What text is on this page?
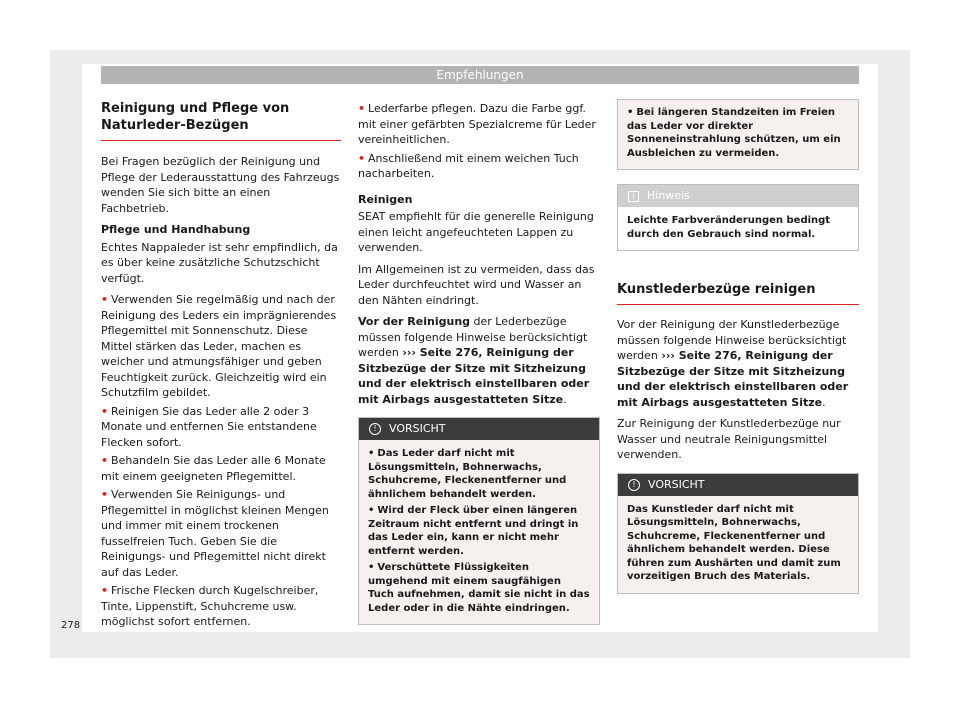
Empfehlungen
Reinigung und Pflege von Naturleder-Bezügen

Bei Fragen bezüglich der Reinigung und Pflege der Lederausstattung des Fahrzeugs wenden Sie sich bitte an einen Fachbetrieb.

Pflege und Handhabung

Echtes Nappaleder ist sehr empfindlich, da es über keine zusätzliche Schutzschicht verfügt.

• Verwenden Sie regelmäßig und nach der Reinigung des Leders ein imprägnierendes Pflegemittel mit Sonnenschutz. Diese Mittel stärken das Leder, machen es weicher und atmungsfähiger und geben Feuchtigkeit zurück. Gleichzeitig wird ein Schutzfilm gebildet.
• Reinigen Sie das Leder alle 2 oder 3 Monate und entfernen Sie entstandene Flecken sofort.
• Behandeln Sie das Leder alle 6 Monate mit einem geeigneten Pflegemittel.
• Verwenden Sie Reinigungs- und Pflegemittel in möglichst kleinen Mengen und immer mit einem trockenen fusselfreien Tuch. Geben Sie die Reinigungs- und Pflegemittel nicht direkt auf das Leder.
• Frische Flecken durch Kugelschreiber, Tinte, Lippenstift, Schuhcreme usw. möglichst sofort entfernen.
• Lederfarbe pflegen. Dazu die Farbe ggf. mit einer gefärbten Spezialcreme für Leder vereinheitlichen.
• Anschließend mit einem weichen Tuch nacharbeiten.

Reinigen

SEAT empfiehlt für die generelle Reinigung einen leicht angefeuchteten Lappen zu verwenden.

Im Allgemeinen ist zu vermeiden, dass das Leder durchfeuchtet wird und Wasser an den Nähten eindringt.

Vor der Reinigung der Lederbezüge müssen folgende Hinweise berücksichtigt werden ››› Seite 276, Reinigung der Sitzbezüge der Sitze mit Sitzheizung und der elektrisch einstellbaren oder mit Airbags ausgestatteten Sitze.

! VORSICHT
• Das Leder darf nicht mit Lösungsmitteln, Bohnerwachs, Schuhcreme, Fleckenentferner und ähnlichem behandelt werden.
• Wird der Fleck über einen längeren Zeitraum nicht entfernt und dringt in das Leder ein, kann er nicht mehr entfernt werden.
• Verschüttete Flüssigkeiten umgehend mit einem saugfähigen Tuch aufnehmen, damit sie nicht in das Leder oder in die Nähte eindringen.
• Bei längeren Standzeiten im Freien das Leder vor direkter Sonneneinstrahlung schützen, um ein Ausbleichen zu vermeiden.
i Hinweis

Leichte Farbveränderungen bedingt durch den Gebrauch sind normal.

Kunstlederbezüge reinigen

Vor der Reinigung der Kunstlederbezüge müssen folgende Hinweise berücksichtigt werden ››› Seite 276, Reinigung der Sitzbezüge der Sitze mit Sitzheizung und der elektrisch einstellbaren oder mit Airbags ausgestatteten Sitze.

Zur Reinigung der Kunstlederbezüge nur Wasser und neutrale Reinigungsmittel verwenden.

! VORSICHT

Das Kunstleder darf nicht mit Lösungsmitteln, Bohnerwachs, Schuhcreme, Fleckenentferner und ähnlichem behandelt werden. Diese führen zum Aushärten und damit zum vorzeitigen Bruch des Materials.

278
